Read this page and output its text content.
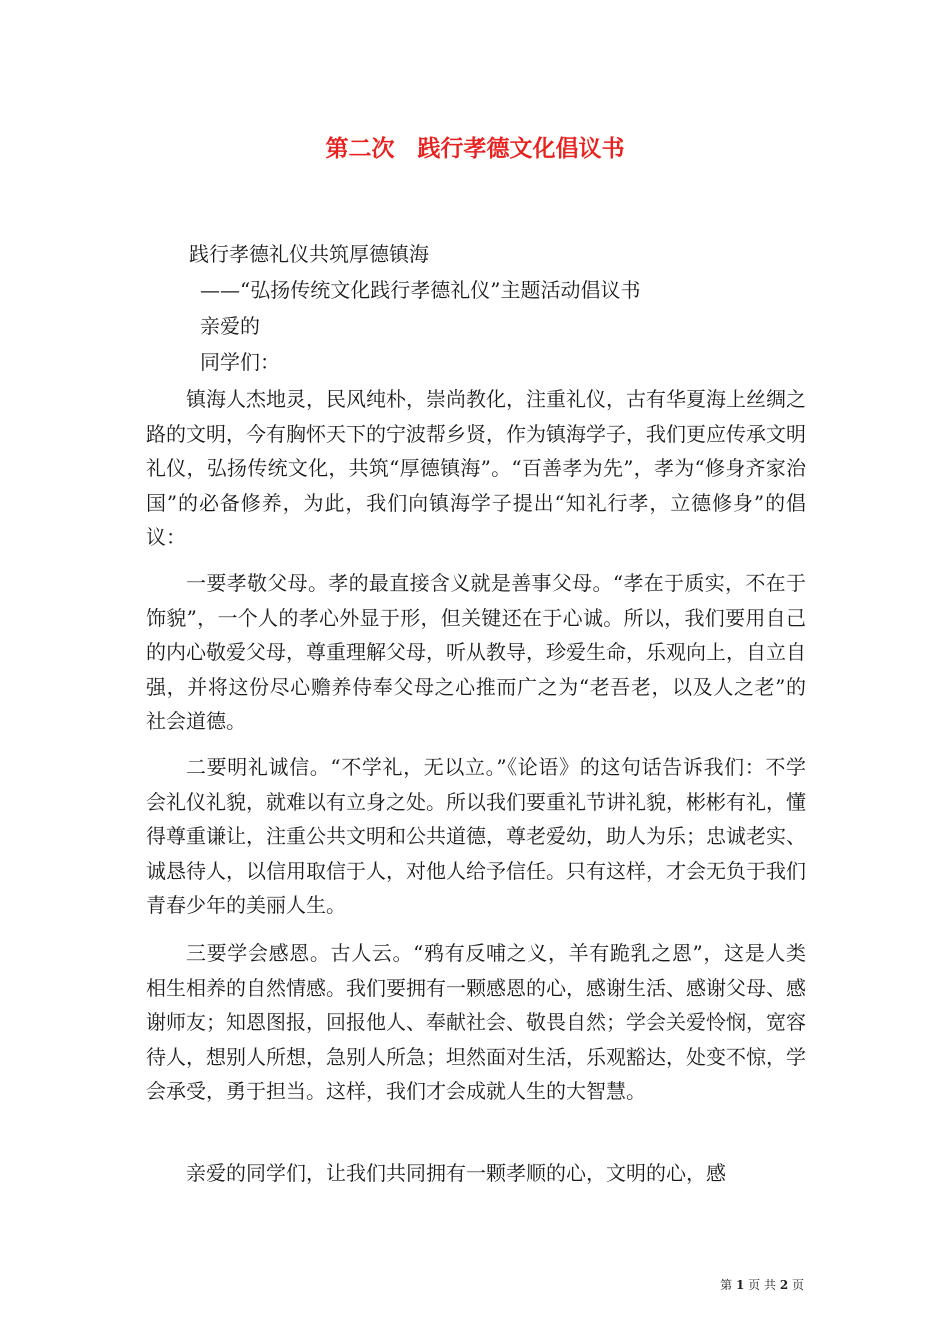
第二次　践行孝德文化倡议书
践行孝德礼仪共筑厚德镇海
——“弘扬传统文化践行孝德礼仪”主题活动倡议书
亲爱的
同学们：

镇海人杰地灵，民风纯朴，崇尚教化，注重礼仪，古有华夏海上丝绸之路的文明，今有胸怀天下的宁波帮乡贤，作为镇海学子，我们更应传承文明礼仪，弘扬传统文化，共筑“厚德镇海”。“百善孝为先”，孝为“修身齐家治国”的必备修养，为此，我们向镇海学子提出“知礼行孝，立德修身”的倡议：

一要孝敬父母。孝的最直接含义就是善事父母。“孝在于质实，不在于饰貌”，一个人的孝心外显于形，但关键还在于心诚。所以，我们要用自己的内心敬爱父母，尊重理解父母，听从教导，珍爱生命，乐观向上，自立自强，并将这份尽心赡养侍奉父母之心推而广之为“老吾老，以及人之老”的社会道德。

二要明礼诚信。“不学礼，无以立。”《论语》的这句话告诉我们：不学会礼仪礼貌，就难以有立身之处。所以我们要重礼节讲礼貌，彬彬有礼，懂得尊重谦让，注重公共文明和公共道德，尊老爱幼，助人为乐；忠诚老实、诚恳待人，以信用取信于人，对他人给予信任。只有这样，才会无负于我们青春少年的美丽人生。

三要学会感恩。古人云。“鸦有反哺之义，羊有跪乳之恩”，这是人类相生相养的自然情感。我们要拥有一颗感恩的心，感谢生活、感谢父母、感谢师友；知恩图报，回报他人、奉献社会、敬畏自然；学会关爱怜悯，宽容待人，想别人所想，急别人所急；坦然面对生活，乐观豁达，处变不惊，学会承受，勇于担当。这样，我们才会成就人生的大智慧。

亲爱的同学们，让我们共同拥有一颗孝顺的心，文明的心，感

第 1 页 共 2 页
